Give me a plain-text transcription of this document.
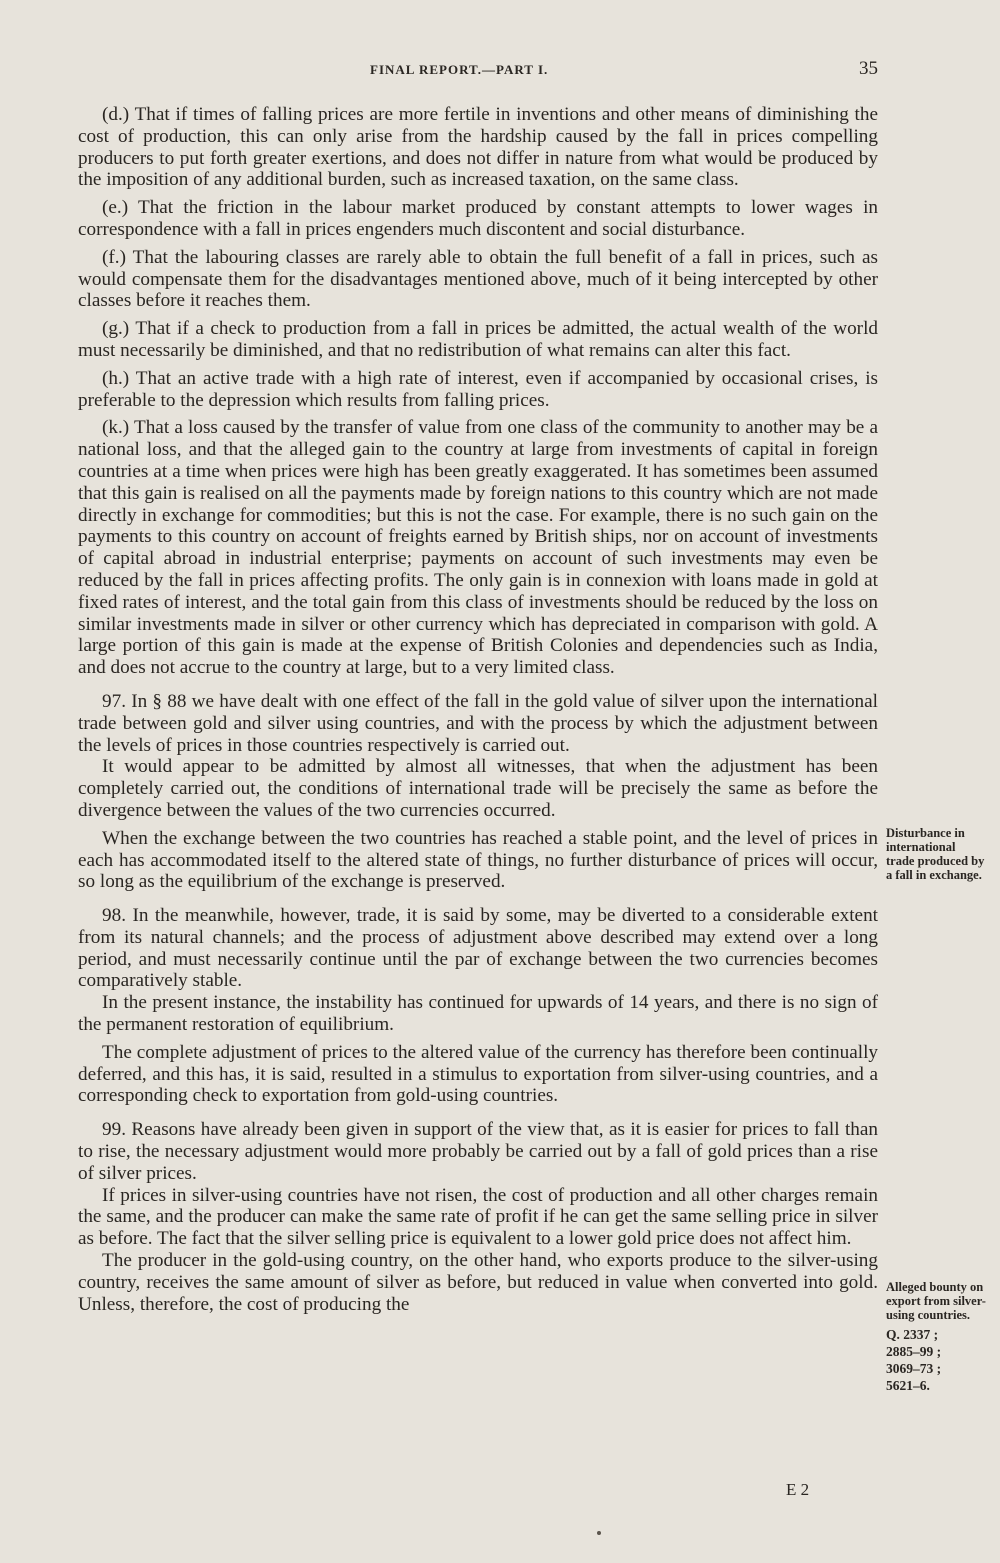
FINAL REPORT.—PART I.	35

(d.) That if times of falling prices are more fertile in inventions and other means of diminishing the cost of production, this can only arise from the hardship caused by the fall in prices compelling producers to put forth greater exertions, and does not differ in nature from what would be produced by the imposition of any additional burden, such as increased taxation, on the same class.

(e.) That the friction in the labour market produced by constant attempts to lower wages in correspondence with a fall in prices engenders much discontent and social disturbance.

(f.) That the labouring classes are rarely able to obtain the full benefit of a fall in prices, such as would compensate them for the disadvantages mentioned above, much of it being intercepted by other classes before it reaches them.

(g.) That if a check to production from a fall in prices be admitted, the actual wealth of the world must necessarily be diminished, and that no redistribution of what remains can alter this fact.

(h.) That an active trade with a high rate of interest, even if accompanied by occasional crises, is preferable to the depression which results from falling prices.

(k.) That a loss caused by the transfer of value from one class of the community to another may be a national loss, and that the alleged gain to the country at large from investments of capital in foreign countries at a time when prices were high has been greatly exaggerated. It has sometimes been assumed that this gain is realised on all the payments made by foreign nations to this country which are not made directly in exchange for commodities; but this is not the case. For example, there is no such gain on the payments to this country on account of freights earned by British ships, nor on account of investments of capital abroad in industrial enterprise; payments on account of such investments may even be reduced by the fall in prices affecting profits. The only gain is in connexion with loans made in gold at fixed rates of interest, and the total gain from this class of investments should be reduced by the loss on similar investments made in silver or other currency which has depreciated in comparison with gold. A large portion of this gain is made at the expense of British Colonies and dependencies such as India, and does not accrue to the country at large, but to a very limited class.

97. In § 88 we have dealt with one effect of the fall in the gold value of silver upon the international trade between gold and silver using countries, and with the process by which the adjustment between the levels of prices in those countries respectively is carried out.

It would appear to be admitted by almost all witnesses, that when the adjustment has been completely carried out, the conditions of international trade will be precisely the same as before the divergence between the values of the two currencies occurred.

When the exchange between the two countries has reached a stable point, and the level of prices in each has accommodated itself to the altered state of things, no further disturbance of prices will occur, so long as the equilibrium of the exchange is preserved.

98. In the meanwhile, however, trade, it is said by some, may be diverted to a considerable extent from its natural channels; and the process of adjustment above described may extend over a long period, and must necessarily continue until the par of exchange between the two currencies becomes comparatively stable.

In the present instance, the instability has continued for upwards of 14 years, and there is no sign of the permanent restoration of equilibrium.

The complete adjustment of prices to the altered value of the currency has therefore been continually deferred, and this has, it is said, resulted in a stimulus to exportation from silver-using countries, and a corresponding check to exportation from gold-using countries.

99. Reasons have already been given in support of the view that, as it is easier for prices to fall than to rise, the necessary adjustment would more probably be carried out by a fall of gold prices than a rise of silver prices.

If prices in silver-using countries have not risen, the cost of production and all other charges remain the same, and the producer can make the same rate of profit if he can get the same selling price in silver as before. The fact that the silver selling price is equivalent to a lower gold price does not affect him.

The producer in the gold-using country, on the other hand, who exports produce to the silver-using country, receives the same amount of silver as before, but reduced in value when converted into gold. Unless, therefore, the cost of producing the

Disturbance in international trade produced by a fall in exchange.
Alleged bounty on export from silver-using countries.
Q. 2337 ;
2885–99 ;
3069–73 ;
5621–6.
E 2
